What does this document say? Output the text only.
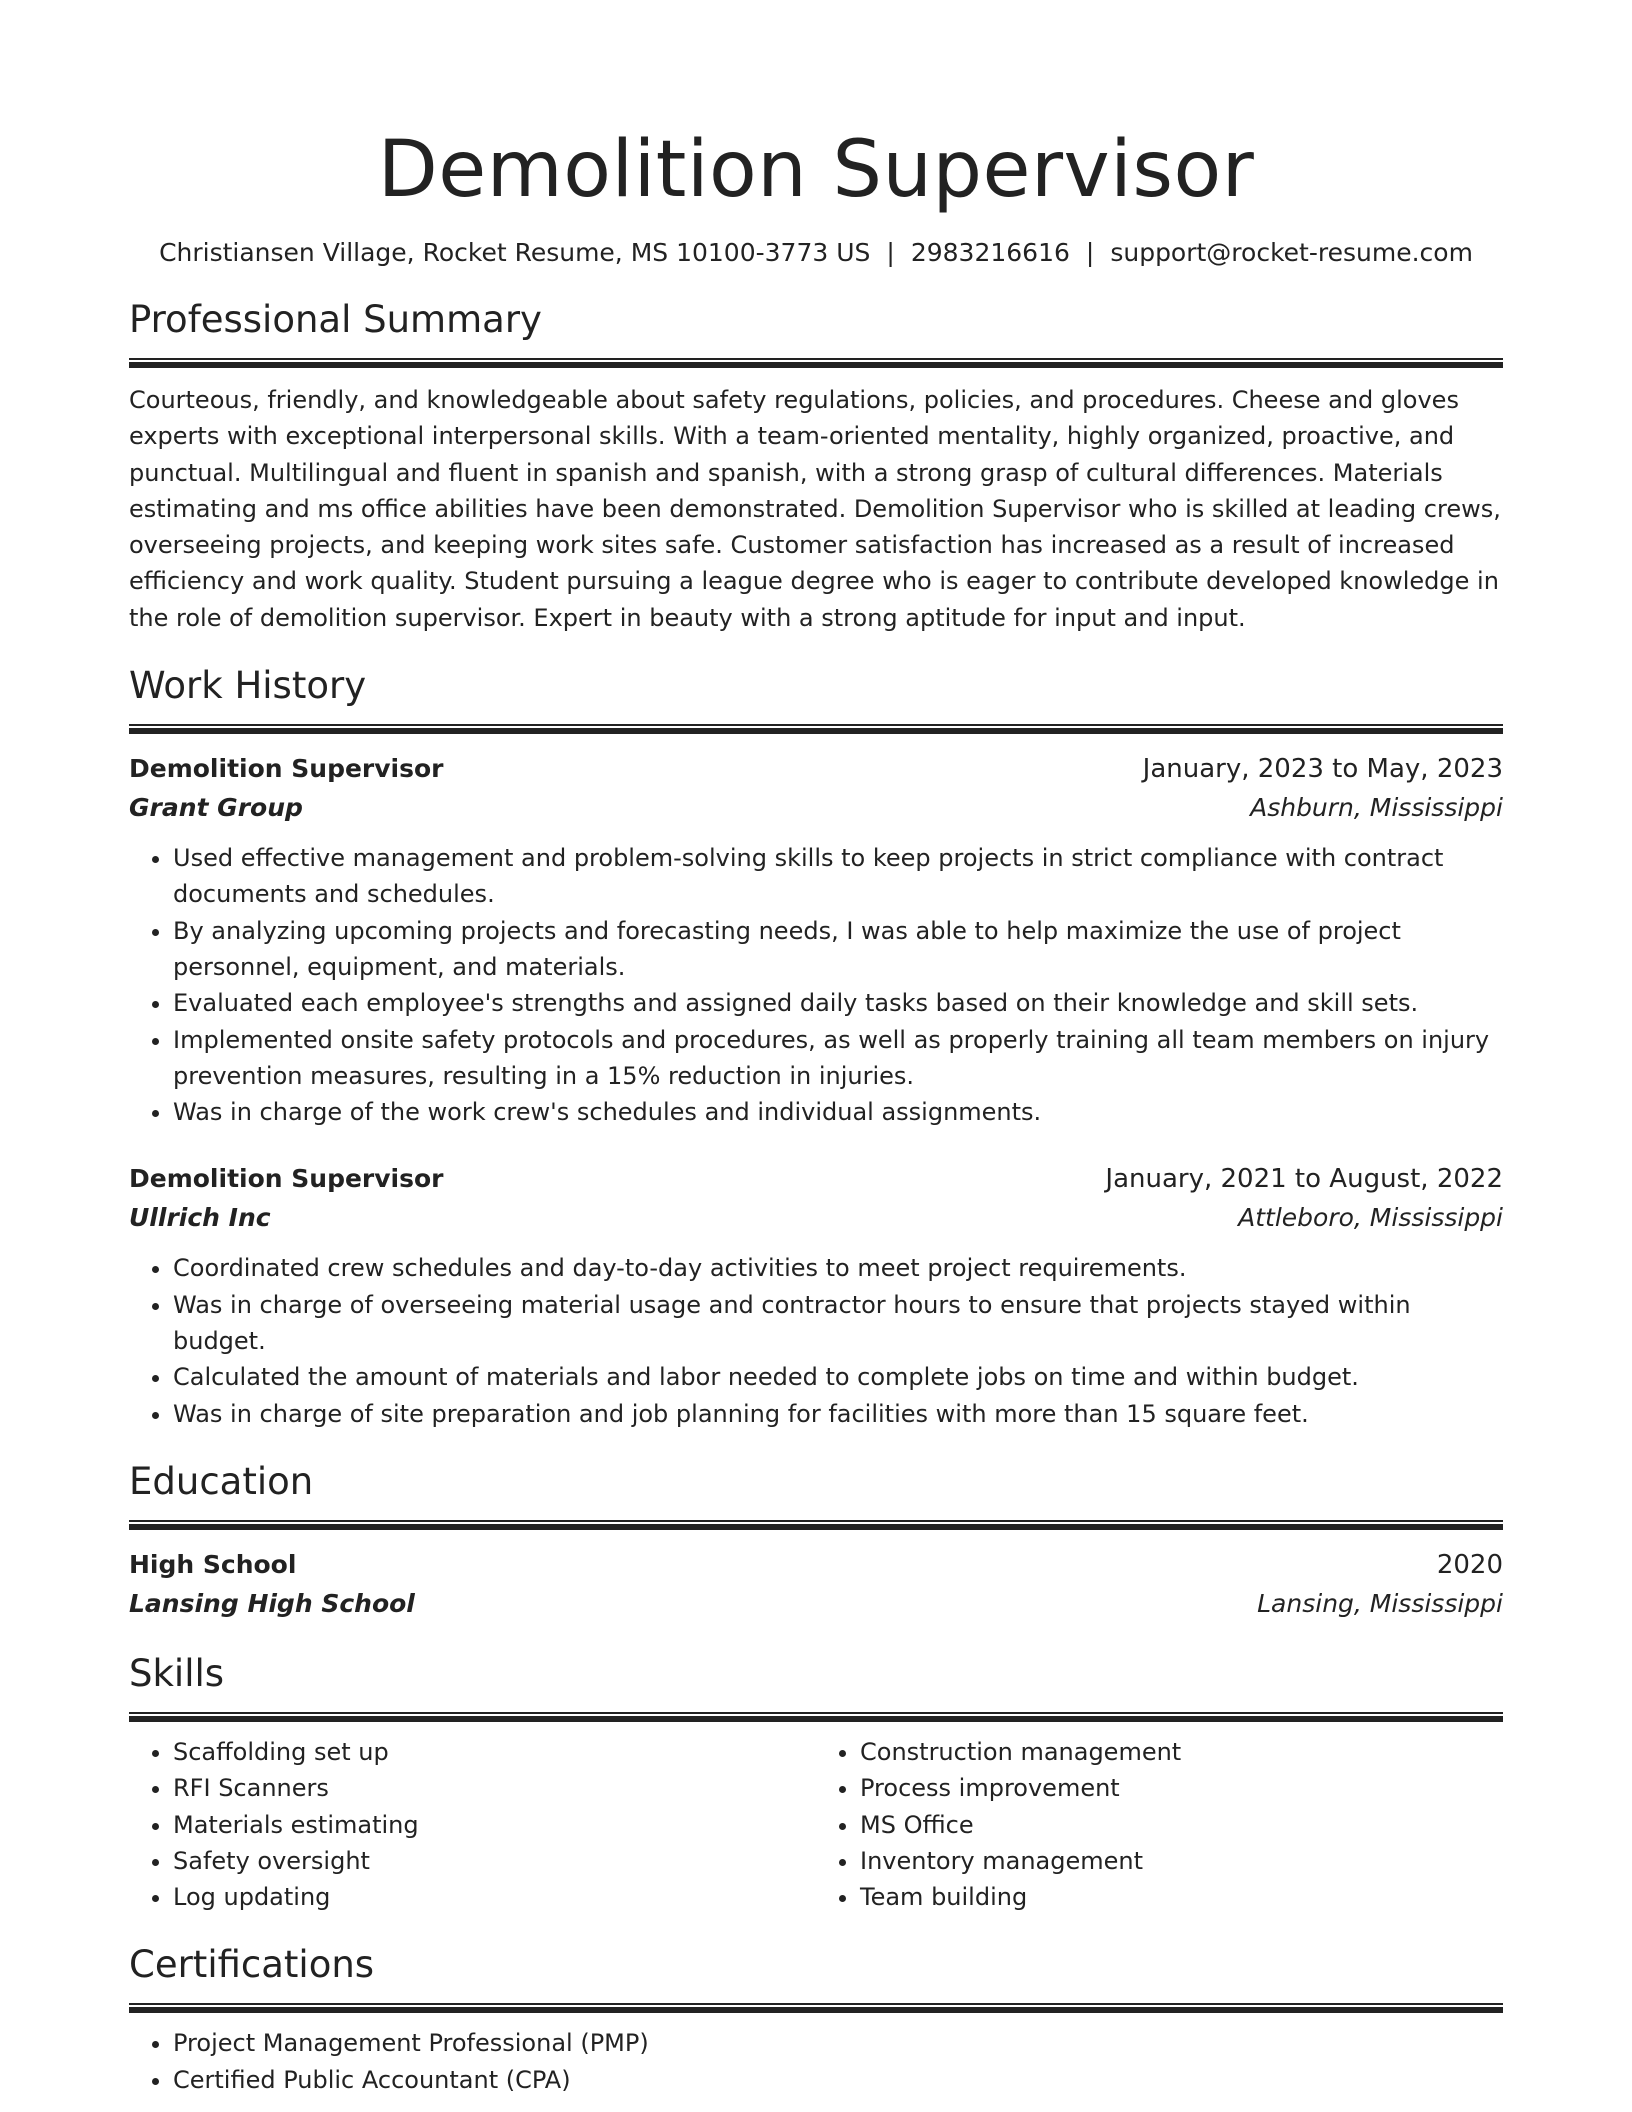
Demolition Supervisor
Christiansen Village, Rocket Resume, MS 10100-3773 US | 2983216616 | support@rocket-resume.com
Professional Summary

Courteous, friendly, and knowledgeable about safety regulations, policies, and procedures. Cheese and gloves experts with exceptional interpersonal skills. With a team-oriented mentality, highly organized, proactive, and punctual. Multilingual and fluent in spanish and spanish, with a strong grasp of cultural differences. Materials estimating and ms office abilities have been demonstrated. Demolition Supervisor who is skilled at leading crews, overseeing projects, and keeping work sites safe. Customer satisfaction has increased as a result of increased efficiency and work quality. Student pursuing a league degree who is eager to contribute developed knowledge in the role of demolition supervisor. Expert in beauty with a strong aptitude for input and input.

Work History
Demolition Supervisor	January, 2023 to May, 2023
Grant Group	Ashburn, Mississippi
• Used effective management and problem-solving skills to keep projects in strict compliance with contract documents and schedules.
• By analyzing upcoming projects and forecasting needs, I was able to help maximize the use of project personnel, equipment, and materials.
• Evaluated each employee's strengths and assigned daily tasks based on their knowledge and skill sets.
• Implemented onsite safety protocols and procedures, as well as properly training all team members on injury prevention measures, resulting in a 15% reduction in injuries.
• Was in charge of the work crew's schedules and individual assignments.
Demolition Supervisor	January, 2021 to August, 2022
Ullrich Inc	Attleboro, Mississippi
• Coordinated crew schedules and day-to-day activities to meet project requirements.
• Was in charge of overseeing material usage and contractor hours to ensure that projects stayed within budget.
• Calculated the amount of materials and labor needed to complete jobs on time and within budget.
• Was in charge of site preparation and job planning for facilities with more than 15 square feet.
Education
High School	2020
Lansing High School	Lansing, Mississippi
Skills
• Scaffolding set up
• RFI Scanners
• Materials estimating
• Safety oversight
• Log updating
• Construction management
• Process improvement
• MS Office
• Inventory management
• Team building
Certifications
• Project Management Professional (PMP)
• Certified Public Accountant (CPA)
